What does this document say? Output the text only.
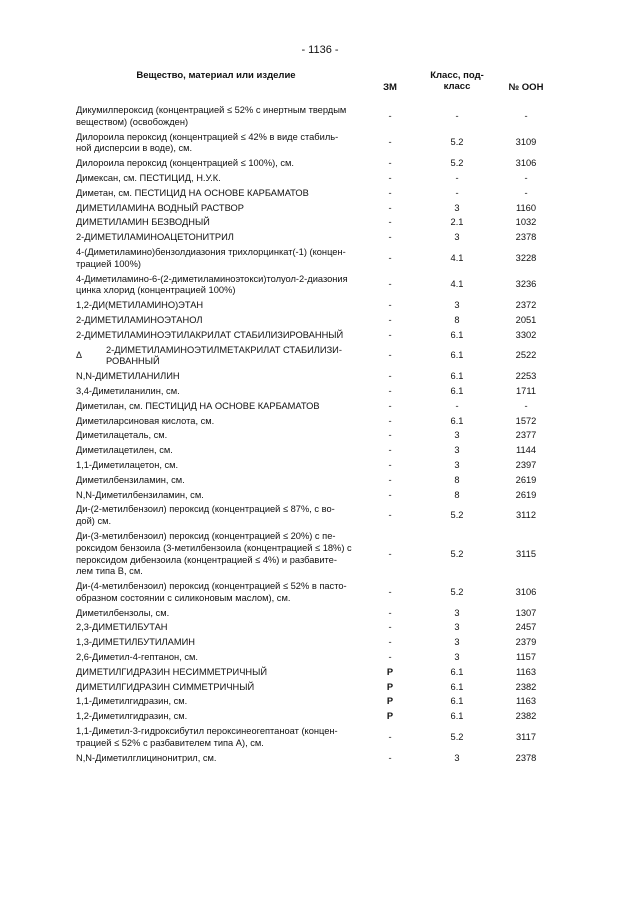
- 1136 -
Вещество, материал или изделие	ЗМ	Класс, под-
класс	№ ООН
Дикумилпероксид (концентрацией ≤ 52% с инертным твердым веществом) (освобожден)	-	-	-
Дилороила пероксид (концентрацией ≤ 42% в виде стабиль-ной дисперсии в воде), см.	-	5.2	3109
Дилороила пероксид (концентрацией ≤ 100%), см.	-	5.2	3106
Димексан, см. ПЕСТИЦИД, Н.У.К.	-	-	-
Диметан, см. ПЕСТИЦИД НА ОСНОВЕ КАРБАМАТОВ	-	-	-
ДИМЕТИЛАМИНА ВОДНЫЙ РАСТВОР	-	3	1160
ДИМЕТИЛАМИН БЕЗВОДНЫЙ	-	2.1	1032
2-ДИМЕТИЛАМИНОАЦЕТОНИТРИЛ	-	3	2378
4-(Диметиламино)бензолдиазония трихлорцинкат(-1) (концен-трацией 100%)	-	4.1	3228
4-Диметиламино-6-(2-диметиламиноэтокси)толуол-2-диазония цинка хлорид (концентрацией 100%)	-	4.1	3236
1,2-ДИ(МЕТИЛАМИНО)ЭТАН	-	3	2372
2-ДИМЕТИЛАМИНОЭТАНОЛ	-	8	2051
2-ДИМЕТИЛАМИНОЭТИЛАКРИЛАТ СТАБИЛИЗИРОВАННЫЙ	-	6.1	3302

Δ
2-ДИМЕТИЛАМИНОЭТИЛМЕТАКРИЛАТ СТАБИЛИЗИ-РОВАННЫЙ	-	6.1	2522
N,N-ДИМЕТИЛАНИЛИН	-	6.1	2253
3,4-Диметиланилин, см.	-	6.1	1711
Диметилан, см. ПЕСТИЦИД НА ОСНОВЕ КАРБАМАТОВ	-	-	-
Диметиларсиновая кислота, см.	-	6.1	1572
Диметилацеталь, см.	-	3	2377
Диметилацетилен, см.	-	3	1144
1,1-Диметилацетон, см.	-	3	2397
Диметилбензиламин, см.	-	8	2619
N,N-Диметилбензиламин, см.	-	8	2619
Ди-(2-метилбензоил) пероксид (концентрацией ≤ 87%, с во-дой) см.	-	5.2	3112
Ди-(3-метилбензоил) пероксид (концентрацией ≤ 20%) с пе-роксидом бензоила (3-метилбензоила (концентрацией ≤ 18%) с пероксидом дибензоила (концентрацией ≤ 4%) и разбавите-лем типа В, см.	-	5.2	3115
Ди-(4-метилбензоил) пероксид (концентрацией ≤ 52% в пасто-образном состоянии с силиконовым маслом), см.	-	5.2	3106
Диметилбензолы, см.	-	3	1307
2,3-ДИМЕТИЛБУТАН	-	3	2457
1,3-ДИМЕТИЛБУТИЛАМИН	-	3	2379
2,6-Диметил-4-гептанон, см.	-	3	1157
ДИМЕТИЛГИДРАЗИН НЕСИММЕТРИЧНЫЙ	P	6.1	1163
ДИМЕТИЛГИДРАЗИН СИММЕТРИЧНЫЙ	P	6.1	2382
1,1-Диметилгидразин, см.	P	6.1	1163
1,2-Диметилгидразин, см.	P	6.1	2382
1,1-Диметил-3-гидроксибутил пероксинеогептаноат (концен-трацией ≤ 52% с разбавителем типа А), см.	-	5.2	3117
N,N-Диметилглицинонитрил, см.	-	3	2378
